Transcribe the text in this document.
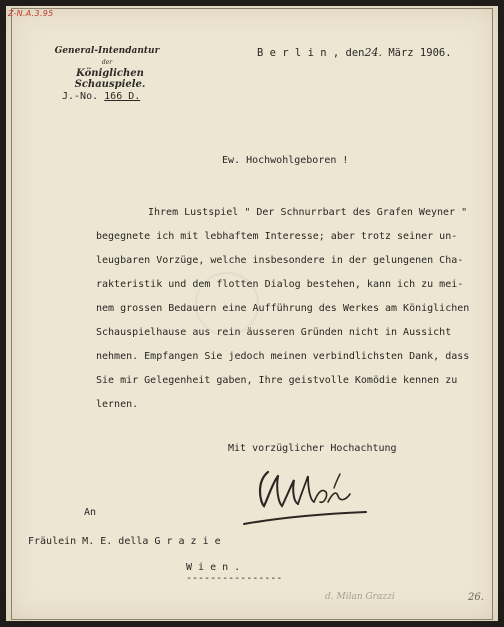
Z-N.A.3.95
General-Intendantur
der
Königlichen Schauspiele.
J.-No. 166 D.
B e r l i n , den24. März 1906.
Ew. Hochwohlgeboren !
Ihrem Lustspiel " Der Schnurrbart des Grafen Weyner "
begegnete ich mit lebhaftem Interesse; aber trotz seiner un-
leugbaren Vorzüge, welche insbesondere in der gelungenen Cha-
rakteristik und dem flotten Dialog bestehen, kann ich zu mei-
nem grossen Bedauern eine Aufführung des Werkes am Königlichen
Schauspielhause aus rein äusseren Gründen nicht in Aussicht
nehmen. Empfangen Sie jedoch meinen verbindlichsten Dank, dass
Sie mir Gelegenheit gaben, Ihre geistvolle Komödie kennen zu
lernen.
Mit vorzüglicher Hochachtung
An
Fräulein M. E. della G r a z i e
W i e n .
----------------
d. Milan Grazzi	26.
